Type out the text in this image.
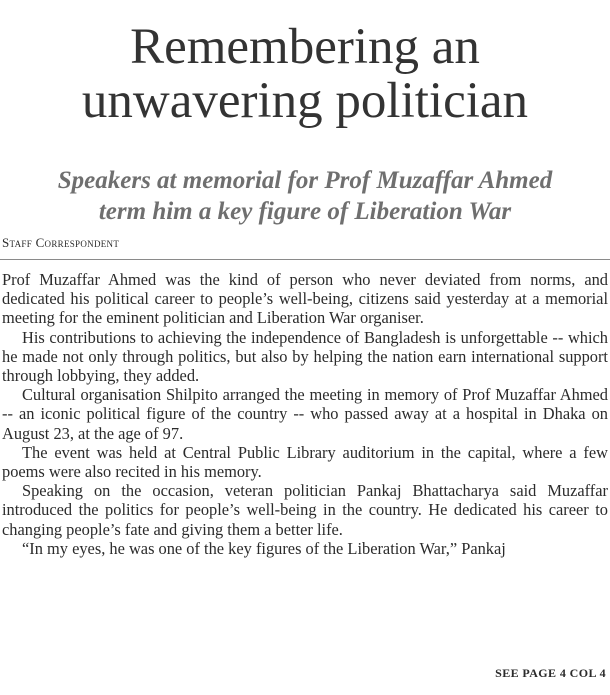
Remembering an
unwavering politician
Speakers at memorial for Prof Muzaffar Ahmed
term him a key figure of Liberation War
Staff Correspondent

Prof Muzaffar Ahmed was the kind of person who never deviated from norms, and dedicated his political career to people’s well-being, citizens said yesterday at a memorial meeting for the eminent politician and Liberation War organiser.

His contributions to achieving the independence of Bangladesh is unforgettable -- which he made not only through politics, but also by helping the nation earn international support through lobbying, they added.

Cultural organisation Shilpito arranged the meeting in memory of Prof Muzaffar Ahmed -- an iconic political figure of the country -- who passed away at a hospital in Dhaka on August 23, at the age of 97.

The event was held at Central Public Library auditorium in the capital, where a few poems were also recited in his memory.

Speaking on the occasion, veteran politician Pankaj Bhattacharya said Muzaffar introduced the politics for people’s well-being in the country. He dedicated his career to changing people’s fate and giving them a better life.

“In my eyes, he was one of the key figures of the Liberation War,” Pankaj

SEE PAGE 4 COL 4
